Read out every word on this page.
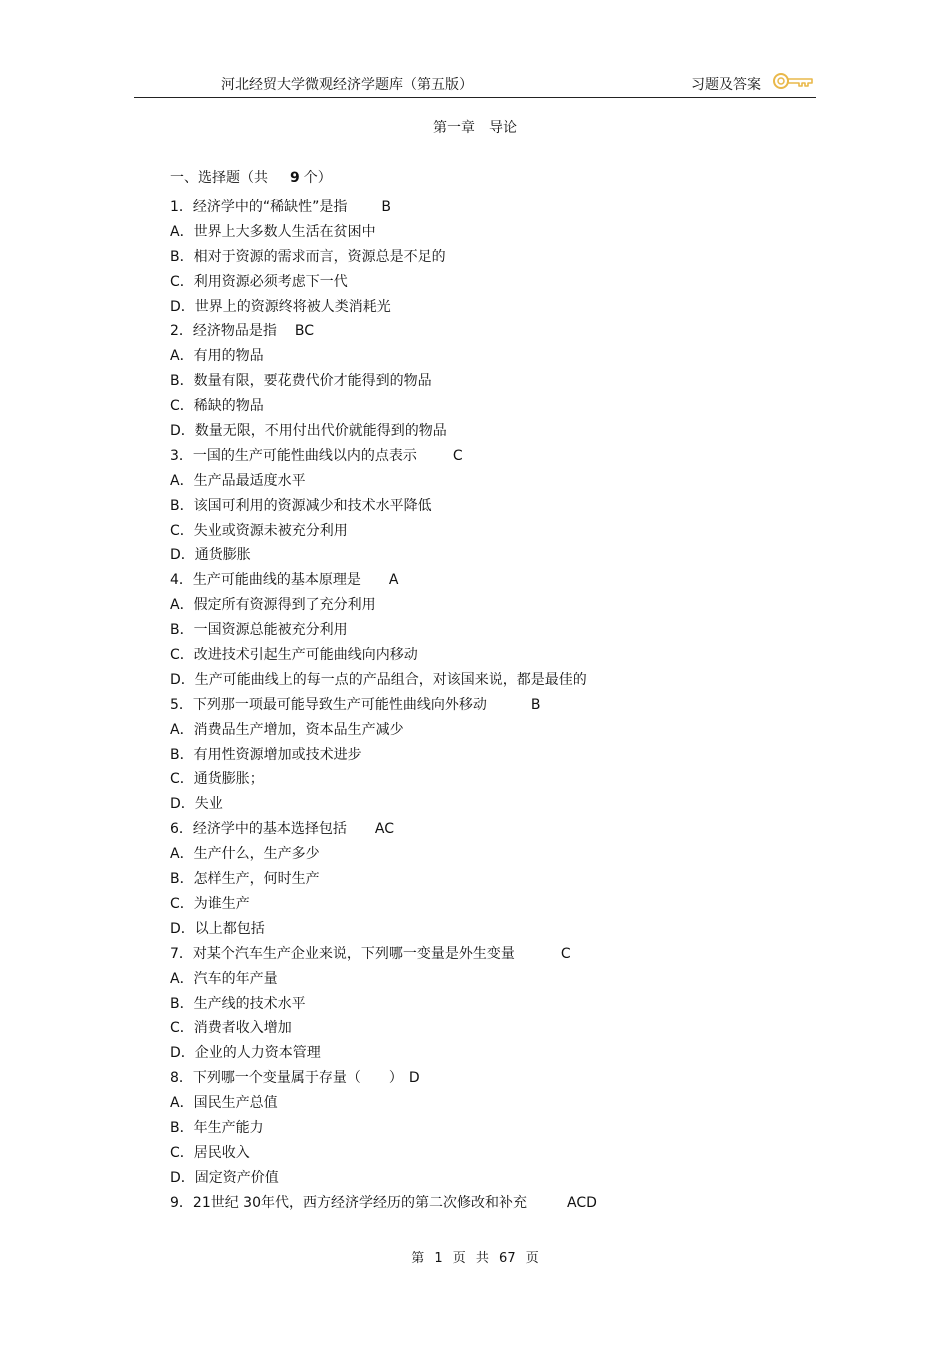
河北经贸大学微观经济学题库（第五版）	习题及答案
第一章　导论
一、选择题（共 9 个）
1．经济学中的“稀缺性”是指 B
A．世界上大多数人生活在贫困中
B．相对于资源的需求而言，资源总是不足的
C．利用资源必须考虑下一代
D．世界上的资源终将被人类消耗光
2．经济物品是指 BC
A．有用的物品
B．数量有限，要花费代价才能得到的物品
C．稀缺的物品
D．数量无限，不用付出代价就能得到的物品
3．一国的生产可能性曲线以内的点表示	C
A．生产品最适度水平
B．该国可利用的资源减少和技术水平降低
C．失业或资源未被充分利用
D．通货膨胀
4．生产可能曲线的基本原理是 A
A．假定所有资源得到了充分利用
B．一国资源总能被充分利用
C．改进技术引起生产可能曲线向内移动
D．生产可能曲线上的每一点的产品组合，对该国来说，都是最佳的
5．下列那一项最可能导致生产可能性曲线向外移动	B
A．消费品生产增加，资本品生产减少
B．有用性资源增加或技术进步
C．通货膨胀；
D．失业
6．经济学中的基本选择包括 AC
A．生产什么，生产多少
B．怎样生产，何时生产
C．为谁生产
D．以上都包括
7．对某个汽车生产企业来说，下列哪一变量是外生变量	C
A．汽车的年产量
B．生产线的技术水平
C．消费者收入增加
D．企业的人力资本管理
8．下列哪一个变量属于存量（　　） D
A．国民生产总值
B．年生产能力
C．居民收入
D．固定资产价值
9．21世纪 30年代，西方经济学经历的第二次修改和补充	ACD
第 1 页 共 67 页
